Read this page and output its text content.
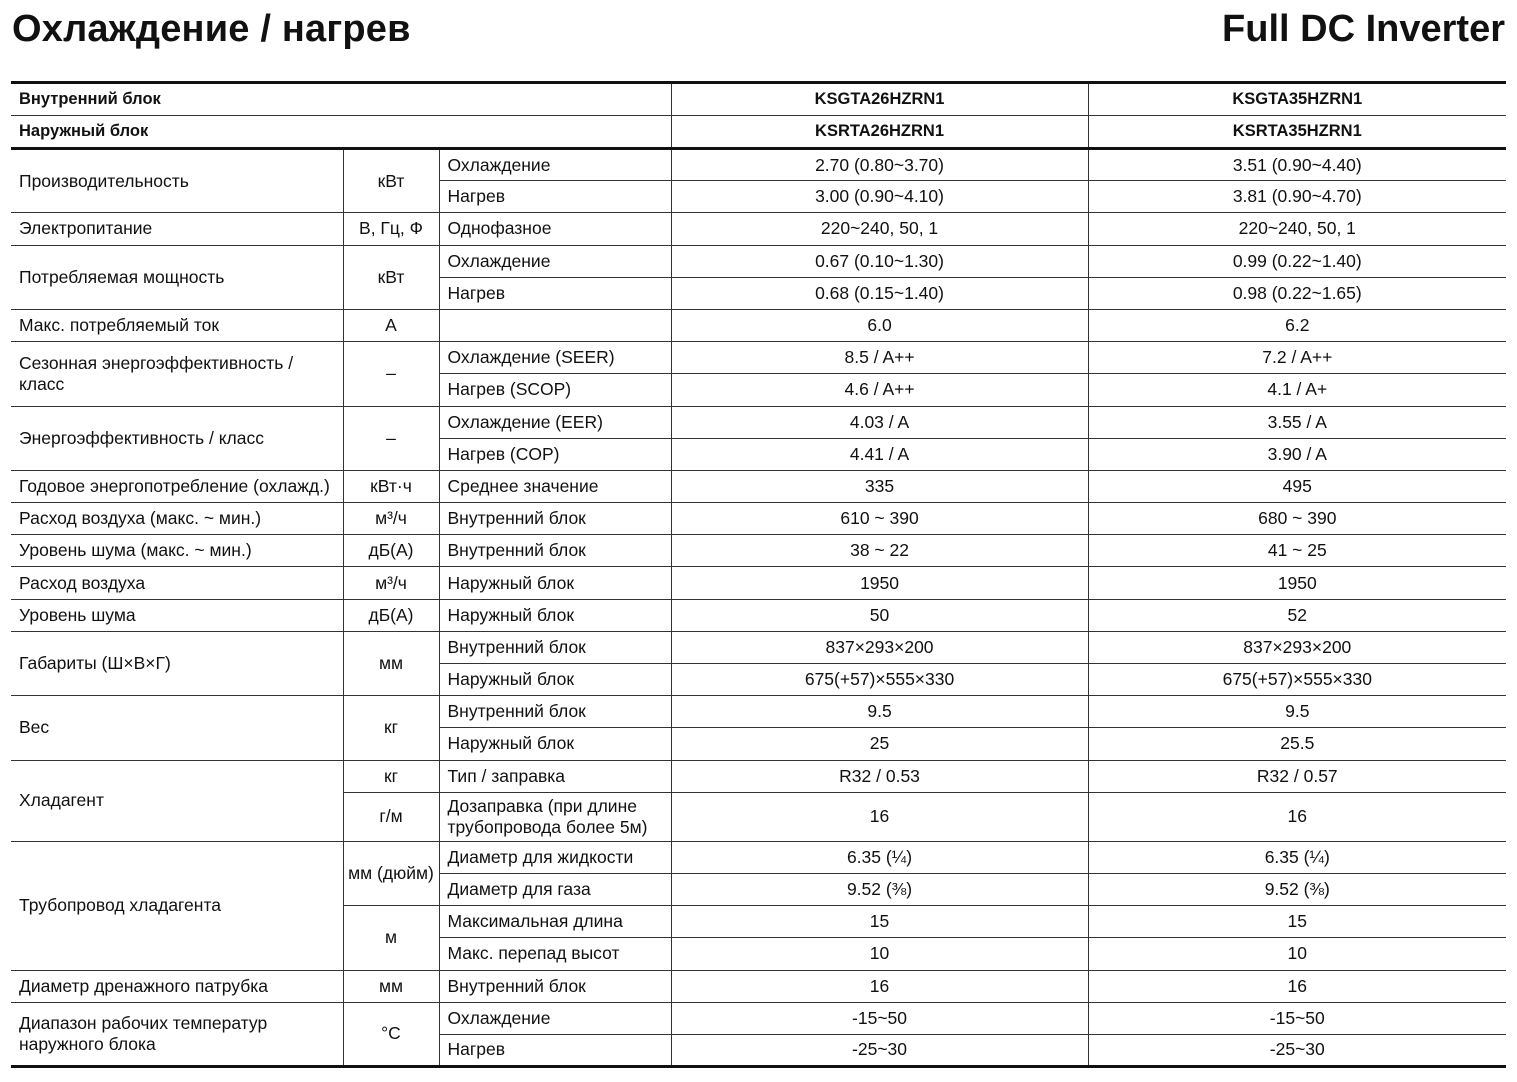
Охлаждение / нагрев	Full DC Inverter
Внутренний блок			KSGTA26HZRN1	KSGTA35HZRN1
Наружный блок			KSRTA26HZRN1	KSRTA35HZRN1
Производительность	кВт	Охлаждение	2.70 (0.80~3.70)	3.51 (0.90~4.40)
		Нагрев	3.00 (0.90~4.10)	3.81 (0.90~4.70)
Электропитание	В, Гц, Ф	Однофазное	220~240, 50, 1	220~240, 50, 1
Потребляемая мощность	кВт	Охлаждение	0.67 (0.10~1.30)	0.99 (0.22~1.40)
		Нагрев	0.68 (0.15~1.40)	0.98 (0.22~1.65)
Макс. потребляемый ток	А		6.0	6.2
Сезонная энергоэффективность / класс	–	Охлаждение (SEER)	8.5 / A++	7.2 / A++
		Нагрев (SCOP)	4.6 / A++	4.1 / A+
Энергоэффективность / класс	–	Охлаждение (EER)	4.03 / A	3.55 / A
		Нагрев (COP)	4.41 / A	3.90 / A
Годовое энергопотребление (охлажд.)	кВт·ч	Среднее значение	335	495
Расход воздуха (макс. ~ мин.)	м³/ч	Внутренний блок	610 ~ 390	680 ~ 390
Уровень шума (макс. ~ мин.)	дБ(А)	Внутренний блок	38 ~ 22	41 ~ 25
Расход воздуха	м³/ч	Наружный блок	1950	1950
Уровень шума	дБ(А)	Наружный блок	50	52
Габариты (Ш×В×Г)	мм	Внутренний блок	837×293×200	837×293×200
		Наружный блок	675(+57)×555×330	675(+57)×555×330
Вес	кг	Внутренний блок	9.5	9.5
		Наружный блок	25	25.5
Хладагент	кг	Тип / заправка	R32 / 0.53	R32 / 0.57
	г/м	Дозаправка (при длине трубопровода более 5м)	16	16
Трубопровод хладагента	мм (дюйм)	Диаметр для жидкости	6.35 (¼)	6.35 (¼)
		Диаметр для газа	9.52 (⅜)	9.52 (⅜)
	м	Максимальная длина	15	15
		Макс. перепад высот	10	10
Диаметр дренажного патрубка	мм	Внутренний блок	16	16
Диапазон рабочих температур наружного блока	°С	Охлаждение	-15~50	-15~50
		Нагрев	-25~30	-25~30
